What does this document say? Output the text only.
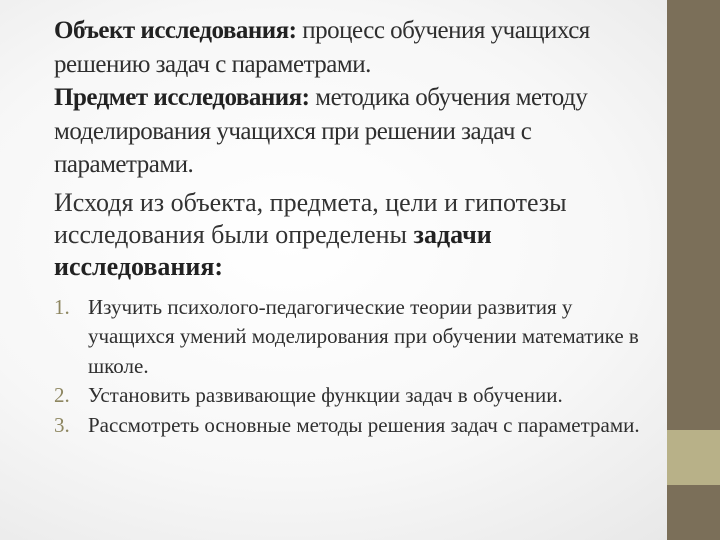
Объект исследования: процесс обучения учащихся решению задач с параметрами.

Предмет исследования: методика обучения методу моделирования учащихся при решении задач с параметрами.

Исходя из объекта, предмета, цели и гипотезы исследования были определены задачи исследования:

1. Изучить психолого-педагогические теории развития у учащихся умений моделирования при обучении математике в школе.
2. Установить развивающие функции задач в обучении.
3. Рассмотреть основные методы решения задач с параметрами.
